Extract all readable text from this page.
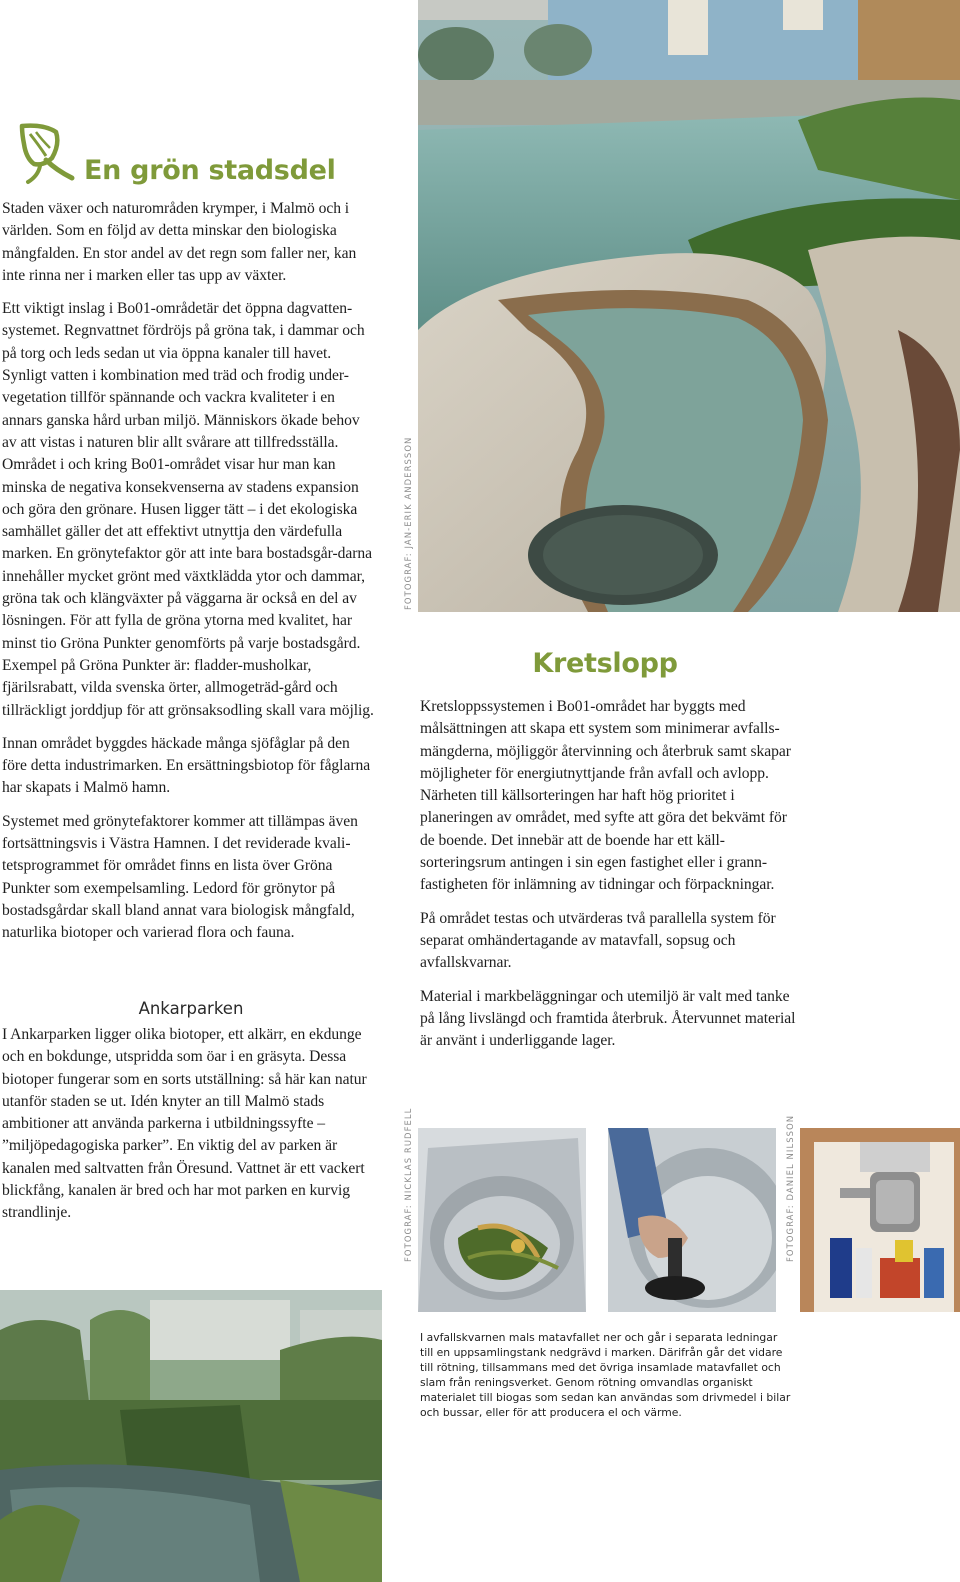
FOTOGRAF: JAN-ERIK ANDERSSON
En grön stadsdel

Staden växer och naturområden krymper, i Malmö och i världen. Som en följd av detta minskar den biologiska mångfalden. En stor andel av det regn som faller ner, kan inte rinna ner i marken eller tas upp av växter.

Ett viktigt inslag i Bo01-områdetär det öppna dagvatten-systemet. Regnvattnet fördröjs på gröna tak, i dammar och på torg och leds sedan ut via öppna kanaler till havet. Synligt vatten i kombination med träd och frodig under-vegetation tillför spännande och vackra kvaliteter i en annars ganska hård urban miljö. Människors ökade behov av att vistas i naturen blir allt svårare att tillfredsställa. Området i och kring Bo01-området visar hur man kan minska de negativa konsekvenserna av stadens expansion och göra den grönare. Husen ligger tätt – i det ekologiska samhället gäller det att effektivt utnyttja den värdefulla marken. En grönytefaktor gör att inte bara bostadsgår-darna innehåller mycket grönt med växtklädda ytor och dammar, gröna tak och klängväxter på väggarna är också en del av lösningen. För att fylla de gröna ytorna med kvalitet, har minst tio Gröna Punkter genomförts på varje bostadsgård. Exempel på Gröna Punkter är: fladder-musholkar, fjärilsrabatt, vilda svenska örter, allmogeträd-gård och tillräckligt jorddjup för att grönsaksodling skall vara möjlig.

Innan området byggdes häckade många sjöfåglar på den före detta industrimarken. En ersättningsbiotop för fåglarna har skapats i Malmö hamn.

Systemet med grönytefaktorer kommer att tillämpas även fortsättningsvis i Västra Hamnen. I det reviderade kvali-tetsprogrammet för området finns en lista över Gröna Punkter som exempelsamling. Ledord för grönytor på bostadsgårdar skall bland annat vara biologisk mångfald, naturlika biotoper och varierad flora och fauna.

Ankarparken

I Ankarparken ligger olika biotoper, ett alkärr, en ekdunge och en bokdunge, utspridda som öar i en gräsyta. Dessa biotoper fungerar som en sorts utställning: så här kan natur utanför staden se ut. Idén knyter an till Malmö stads ambitioner att använda parkerna i utbildningssyfte – ”miljöpedagogiska parker”. En viktig del av parken är kanalen med saltvatten från Öresund. Vattnet är ett vackert blickfång, kanalen är bred och har mot parken en kurvig strandlinje.

Kretslopp

Kretsloppssystemen i Bo01-området har byggts med målsättningen att skapa ett system som minimerar avfalls-mängderna, möjliggör återvinning och återbruk samt skapar möjligheter för energiutnyttjande från avfall och avlopp. Närheten till källsorteringen har haft hög prioritet i planeringen av området, med syfte att göra det bekvämt för de boende. Det innebär att de boende har ett käll-sorteringsrum antingen i sin egen fastighet eller i grann-fastigheten för inlämning av tidningar och förpackningar.

På området testas och utvärderas två parallella system för separat omhändertagande av matavfall, sopsug och avfallskvarnar.

Material i markbeläggningar och utemiljö är valt med tanke på lång livslängd och framtida återbruk. Återvunnet material är använt i underliggande lager.

FOTOGRAF: NICKLAS RUDFELL	FOTOGRAF: DANIEL NILSSON
I avfallskvarnen mals matavfallet ner och går i separata ledningar till en uppsamlingstank nedgrävd i marken. Därifrån går det vidare till rötning, tillsammans med det övriga insamlade matavfallet och slam från reningsverket. Genom rötning omvandlas organiskt materialet till biogas som sedan kan användas som drivmedel i bilar och bussar, eller för att producera el och värme.
